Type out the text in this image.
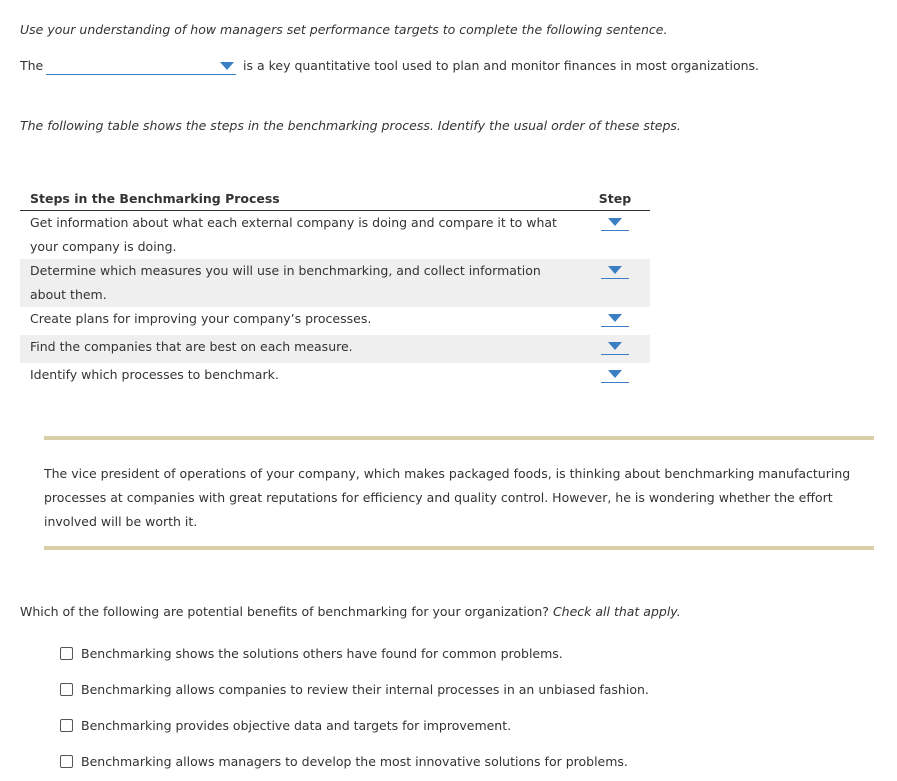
Use your understanding of how managers set performance targets to complete the following sentence.
The	is a key quantitative tool used to plan and monitor finances in most organizations.
The following table shows the steps in the benchmarking process. Identify the usual order of these steps.
Steps in the Benchmarking Process	Step
Get information about what each external company is doing and compare it to what your company is doing.	

Determine which measures you will use in benchmarking, and collect information about them.	

Create plans for improving your company’s processes.	

Find the companies that are best on each measure.	

Identify which processes to benchmark.	

The vice president of operations of your company, which makes packaged foods, is thinking about benchmarking manufacturing processes at companies with great reputations for efficiency and quality control. However, he is wondering whether the effort involved will be worth it.

Which of the following are potential benefits of benchmarking for your organization? Check all that apply.
Benchmarking shows the solutions others have found for common problems.
Benchmarking allows companies to review their internal processes in an unbiased fashion.
Benchmarking provides objective data and targets for improvement.
Benchmarking allows managers to develop the most innovative solutions for problems.
